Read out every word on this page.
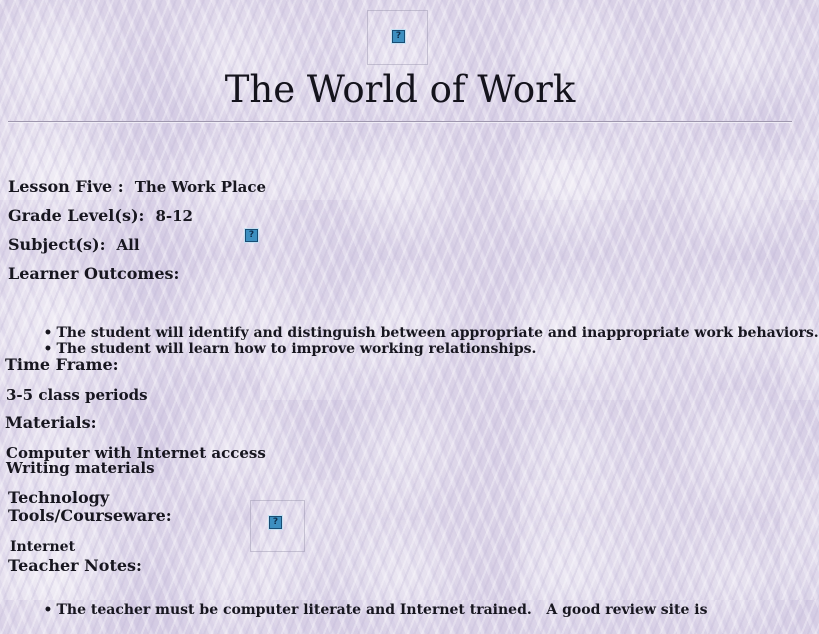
?
The World of Work
Lesson Five : The Work Place
Grade Level(s): 8-12
Subject(s): All
?
Learner Outcomes:

• The student will identify and distinguish between appropriate and inappropriate work behaviors.

• The student will learn how to improve working relationships.

Time Frame:
3-5 class periods
Materials:
Computer with Internet access
Writing materials
Technology Tools/Courseware:	?
Internet
Teacher Notes:

• The teacher must be computer literate and Internet trained.   A good review site is
